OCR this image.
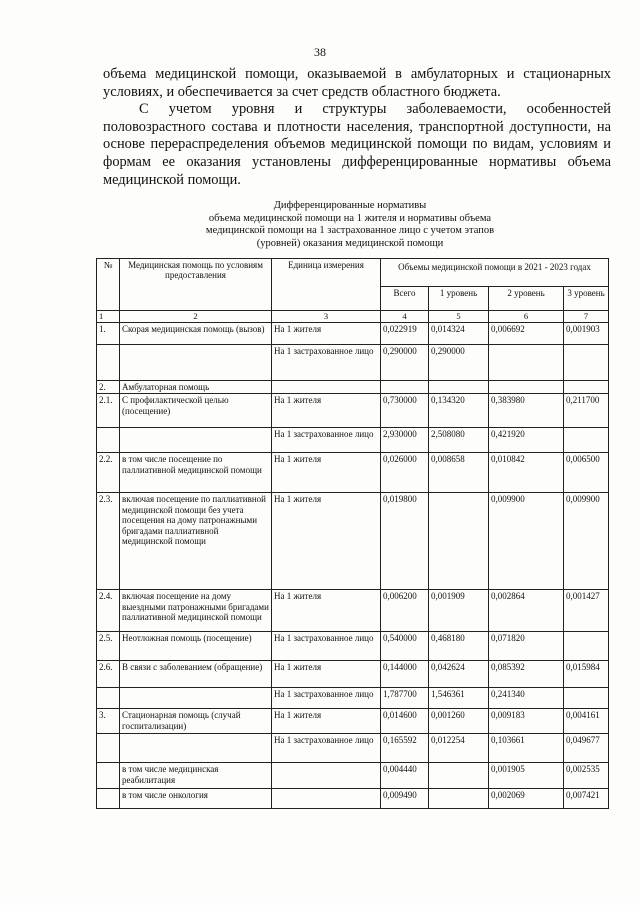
38

объема медицинской помощи, оказываемой в амбулаторных и стационарных условиях, и обеспечивается за счет средств областного бюджета.

С учетом уровня и структуры заболеваемости, особенностей половозрастного состава и плотности населения, транспортной доступности, на основе перераспределения объемов медицинской помощи по видам, условиям и формам ее оказания установлены дифференцированные нормативы объема медицинской помощи.

Дифференцированные нормативы
объема медицинской помощи на 1 жителя и нормативы объема
медицинской помощи на 1 застрахованное лицо с учетом этапов
(уровней) оказания медицинской помощи
№	Медицинская помощь по условиям предоставления	Единица измерения	Объемы медицинской помощи в 2021 - 2023 годах			
			Всего	1 уровень	2 уровень	3 уровень
1	2	3	4	5	6	7
1.	Скорая медицинская помощь (вызов)	На 1 жителя	0,022919	0,014324	0,006692	0,001903
		На 1 застрахованное лицо	0,290000	0,290000		
2.	Амбулаторная помощь					
2.1.	С профилактической целью (посещение)	На 1 жителя	0,730000	0,134320	0,383980	0,211700
		На 1 застрахованное лицо	2,930000	2,508080	0,421920	
2.2.	в том числе посещение по паллиативной медицинской помощи	На 1 жителя	0,026000	0,008658	0,010842	0,006500
2.3.	включая посещение по паллиативной медицинской помощи без учета посещения на дому патронажными бригадами паллиативной медицинской помощи	На 1 жителя	0,019800		0,009900	0,009900
2.4.	включая посещение на дому выездными патронажными бригадами паллиативной медицинской помощи	На 1 жителя	0,006200	0,001909	0,002864	0,001427
2.5.	Неотложная помощь (посещение)	На 1 застрахованное лицо	0,540000	0,468180	0,071820	
2.6.	В связи с заболеванием (обращение)	На 1 жителя	0,144000	0,042624	0,085392	0,015984
		На 1 застрахованное лицо	1,787700	1,546361	0,241340	
3.	Стационарная помощь (случай госпитализации)	На 1 жителя	0,014600	0,001260	0,009183	0,004161
		На 1 застрахованное лицо	0,165592	0,012254	0,103661	0,049677
	в том числе медицинская реабилитация		0,004440		0,001905	0,002535
	в том числе онкология		0,009490		0,002069	0,007421
